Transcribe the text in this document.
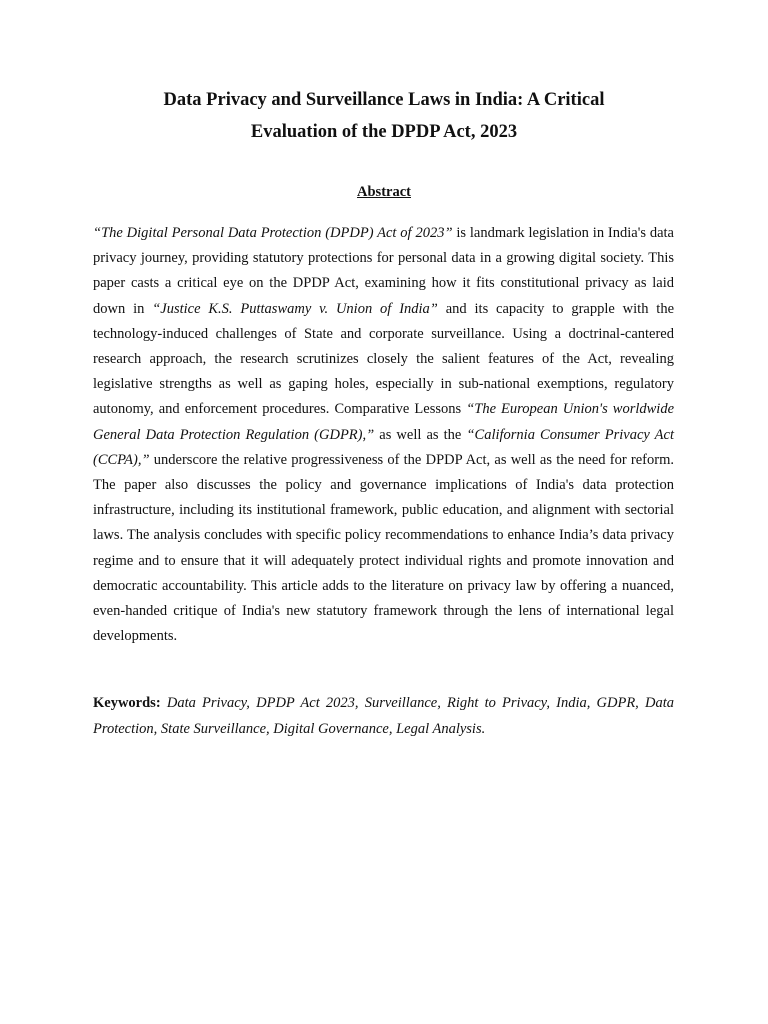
Data Privacy and Surveillance Laws in India: A Critical
Evaluation of the DPDP Act, 2023
Abstract

“The Digital Personal Data Protection (DPDP) Act of 2023” is landmark legislation in India's data privacy journey, providing statutory protections for personal data in a growing digital society. This paper casts a critical eye on the DPDP Act, examining how it fits constitutional privacy as laid down in “Justice K.S. Puttaswamy v. Union of India” and its capacity to grapple with the technology-induced challenges of State and corporate surveillance. Using a doctrinal-cantered research approach, the research scrutinizes closely the salient features of the Act, revealing legislative strengths as well as gaping holes, especially in sub-national exemptions, regulatory autonomy, and enforcement procedures. Comparative Lessons “The European Union's worldwide General Data Protection Regulation (GDPR),” as well as the “California Consumer Privacy Act (CCPA),” underscore the relative progressiveness of the DPDP Act, as well as the need for reform. The paper also discusses the policy and governance implications of India's data protection infrastructure, including its institutional framework, public education, and alignment with sectorial laws. The analysis concludes with specific policy recommendations to enhance India’s data privacy regime and to ensure that it will adequately protect individual rights and promote innovation and democratic accountability. This article adds to the literature on privacy law by offering a nuanced, even-handed critique of India's new statutory framework through the lens of international legal developments.

Keywords: Data Privacy, DPDP Act 2023, Surveillance, Right to Privacy, India, GDPR, Data Protection, State Surveillance, Digital Governance, Legal Analysis.
